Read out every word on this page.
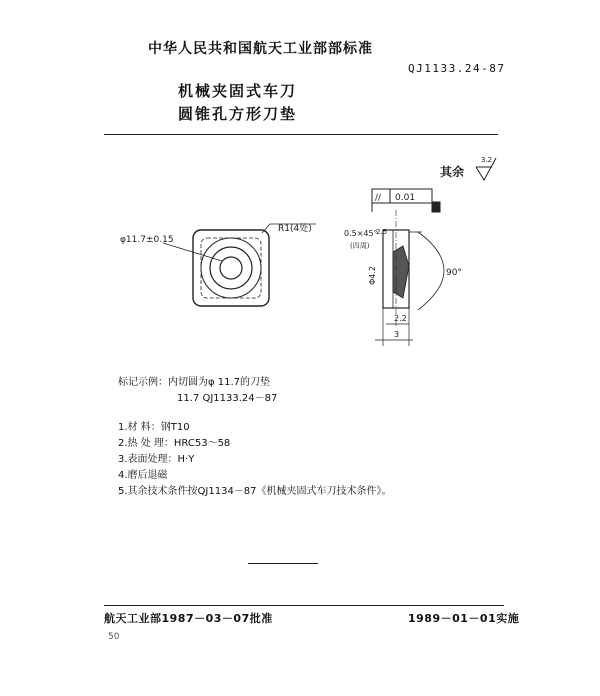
中华人民共和国航天工业部部标准
QJ1133.24-87
机械夹固式车刀
圆锥孔方形刀垫
φ11.7±0.15
R1(4处)
其余
3.2
// 0.01
90°
0.5×45°
(四周)
2.5
Φ4.2
2.2
3
标记示例：内切圆为φ 11.7的刀垫
11.7 QJ1133.24－87
1.材 料：钢T10
2.热 处 理：HRC53～58
3.表面处理：H·Y
4.磨后退磁
5.其余技术条件按QJ1134－87《机械夹固式车刀技术条件》。
航天工业部1987－03－07批准	1989－01－01实施
50
